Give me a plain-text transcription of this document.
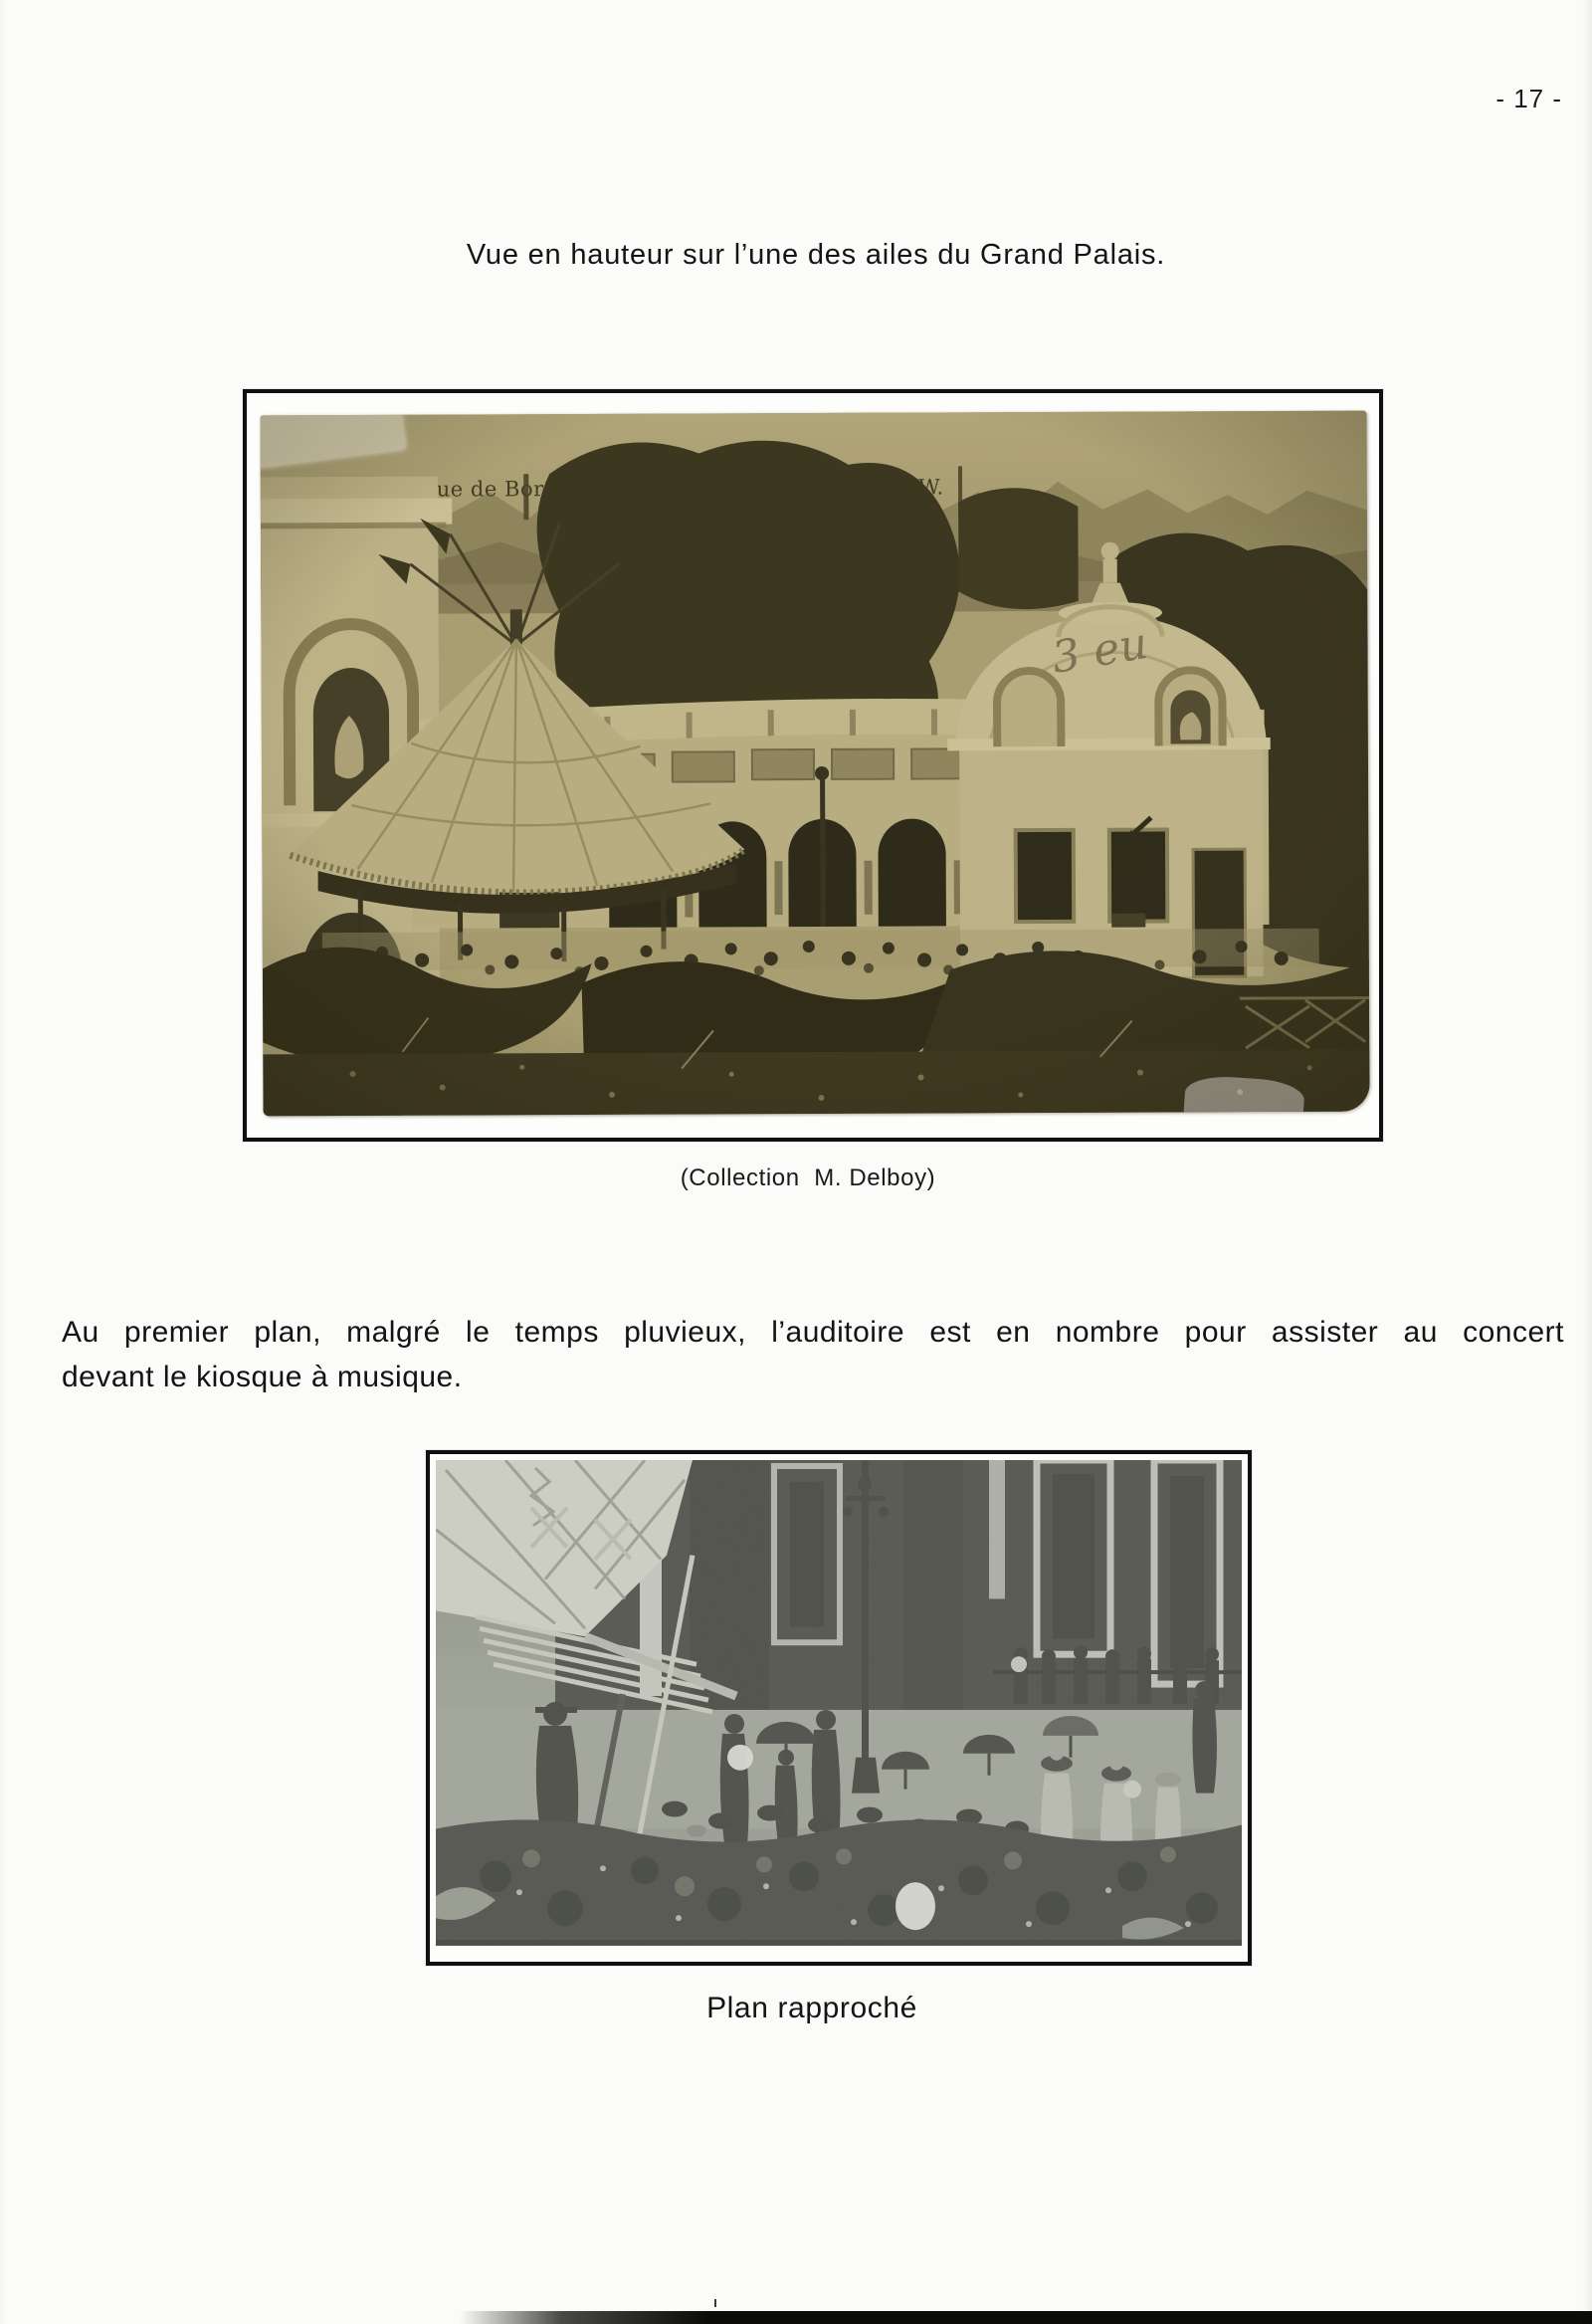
- 17 -
Vue en hauteur sur l’une des ailes du Grand Palais.
(Collection  M. Delboy)
Au premier plan, malgré le temps pluvieux, l’auditoire est en nombre pour assister au concert
devant le kiosque à musique.
Plan rapproché
